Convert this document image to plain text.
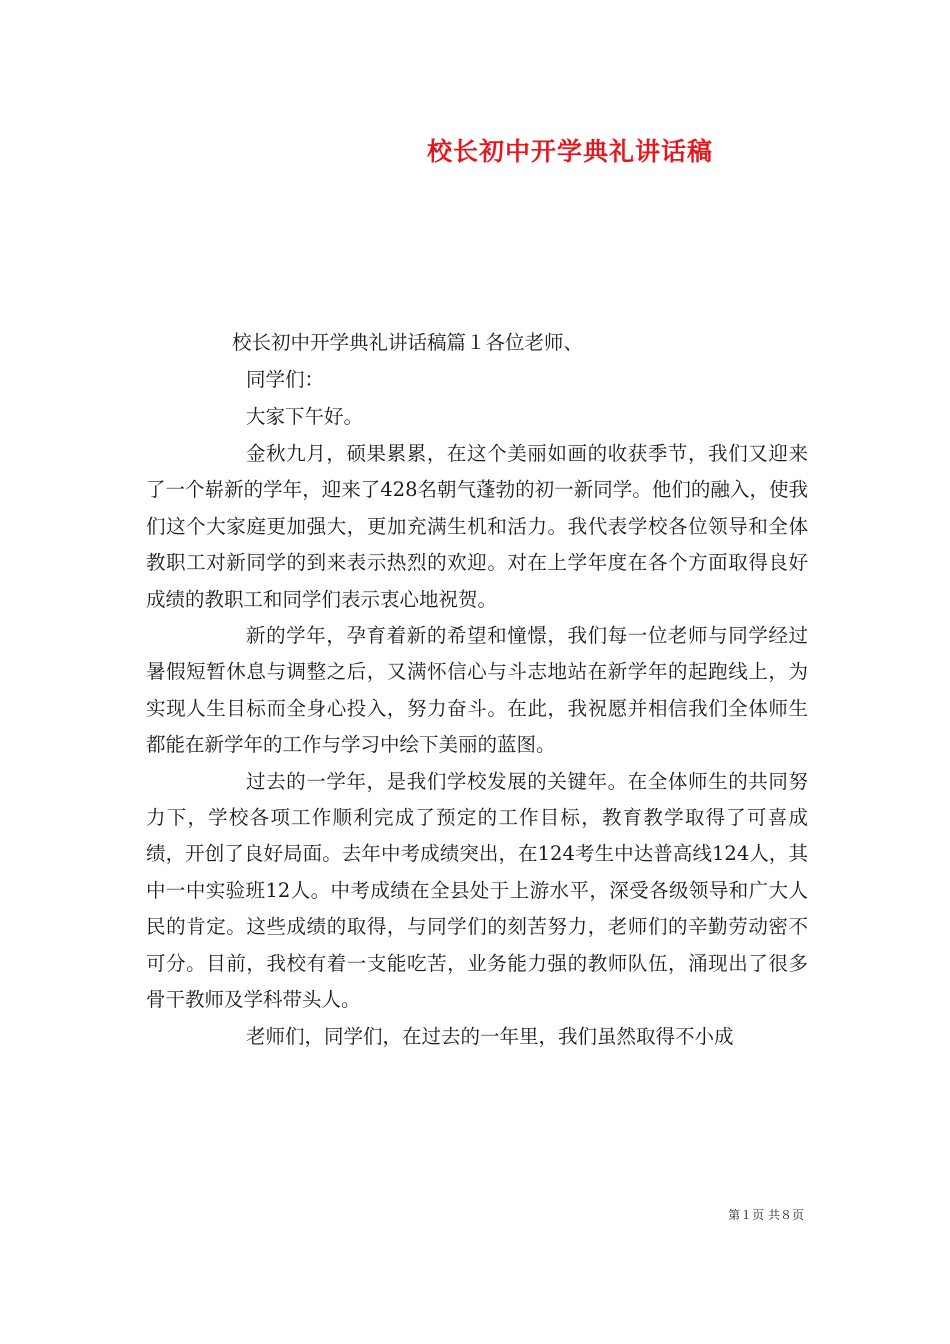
校长初中开学典礼讲话稿
校长初中开学典礼讲话稿篇１各位老师、
同学们：
大家下午好。

金秋九月，硕果累累，在这个美丽如画的收获季节，我们又迎来了一个崭新的学年，迎来了428名朝气蓬勃的初一新同学。他们的融入，使我们这个大家庭更加强大，更加充满生机和活力。我代表学校各位领导和全体教职工对新同学的到来表示热烈的欢迎。对在上学年度在各个方面取得良好成绩的教职工和同学们表示衷心地祝贺。

新的学年，孕育着新的希望和憧憬，我们每一位老师与同学经过暑假短暂休息与调整之后，又满怀信心与斗志地站在新学年的起跑线上，为实现人生目标而全身心投入，努力奋斗。在此，我祝愿并相信我们全体师生都能在新学年的工作与学习中绘下美丽的蓝图。

过去的一学年，是我们学校发展的关键年。在全体师生的共同努力下，学校各项工作顺利完成了预定的工作目标，教育教学取得了可喜成绩，开创了良好局面。去年中考成绩突出，在124考生中达普高线124人，其中一中实验班12人。中考成绩在全县处于上游水平，深受各级领导和广大人民的肯定。这些成绩的取得，与同学们的刻苦努力，老师们的辛勤劳动密不可分。目前，我校有着一支能吃苦，业务能力强的教师队伍，涌现出了很多骨干教师及学科带头人。

老师们，同学们，在过去的一年里，我们虽然取得不小成

第１页 共８页
